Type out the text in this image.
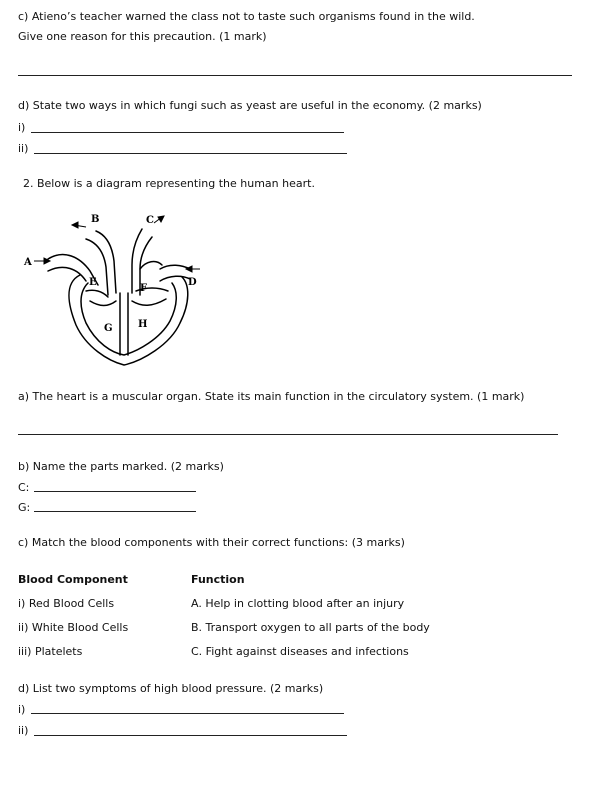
c) Atieno’s teacher warned the class not to taste such organisms found in the wild.
Give one reason for this precaution. (1 mark)
d) State two ways in which fungi such as yeast are useful in the economy. (2 marks)
i)
ii)
2. Below is a diagram representing the human heart.
A
B	C
D
E
F
G	H
a) The heart is a muscular organ. State its main function in the circulatory system. (1 mark)
b) Name the parts marked. (2 marks)
C:
G:
c) Match the blood components with their correct functions: (3 marks)
Blood Component	Function
i) Red Blood Cells	A. Help in clotting blood after an injury
ii) White Blood Cells	B. Transport oxygen to all parts of the body
iii) Platelets	C. Fight against diseases and infections
d) List two symptoms of high blood pressure. (2 marks)
i)
ii)
